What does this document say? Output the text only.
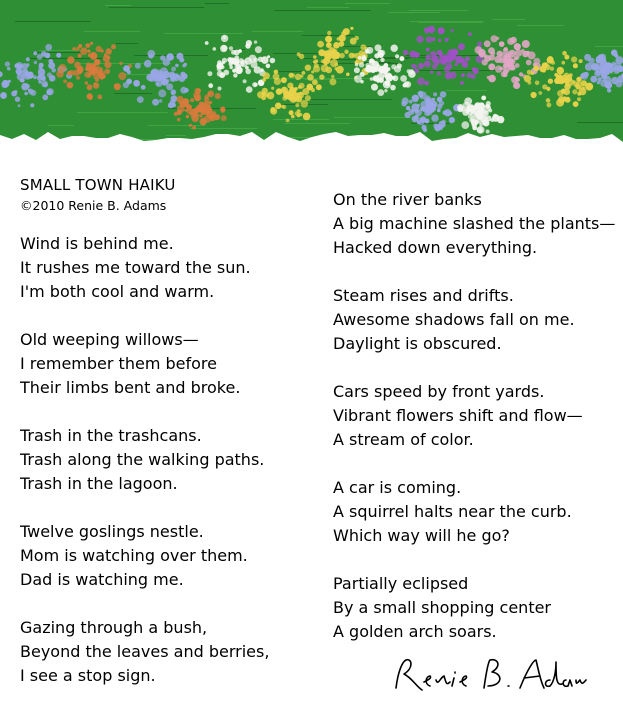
SMALL TOWN HAIKU
©2010 Renie B. Adams
Wind is behind me.
It rushes me toward the sun.
I'm both cool and warm.
Old weeping willows—
I remember them before
Their limbs bent and broke.
Trash in the trashcans.
Trash along the walking paths.
Trash in the lagoon.
Twelve goslings nestle.
Mom is watching over them.
Dad is watching me.
Gazing through a bush,
Beyond the leaves and berries,
I see a stop sign.
On the river banks
A big machine slashed the plants—
Hacked down everything.
Steam rises and drifts.
Awesome shadows fall on me.
Daylight is obscured.
Cars speed by front yards.
Vibrant flowers shift and flow—
A stream of color.
A car is coming.
A squirrel halts near the curb.
Which way will he go?
Partially eclipsed
By a small shopping center
A golden arch soars.
